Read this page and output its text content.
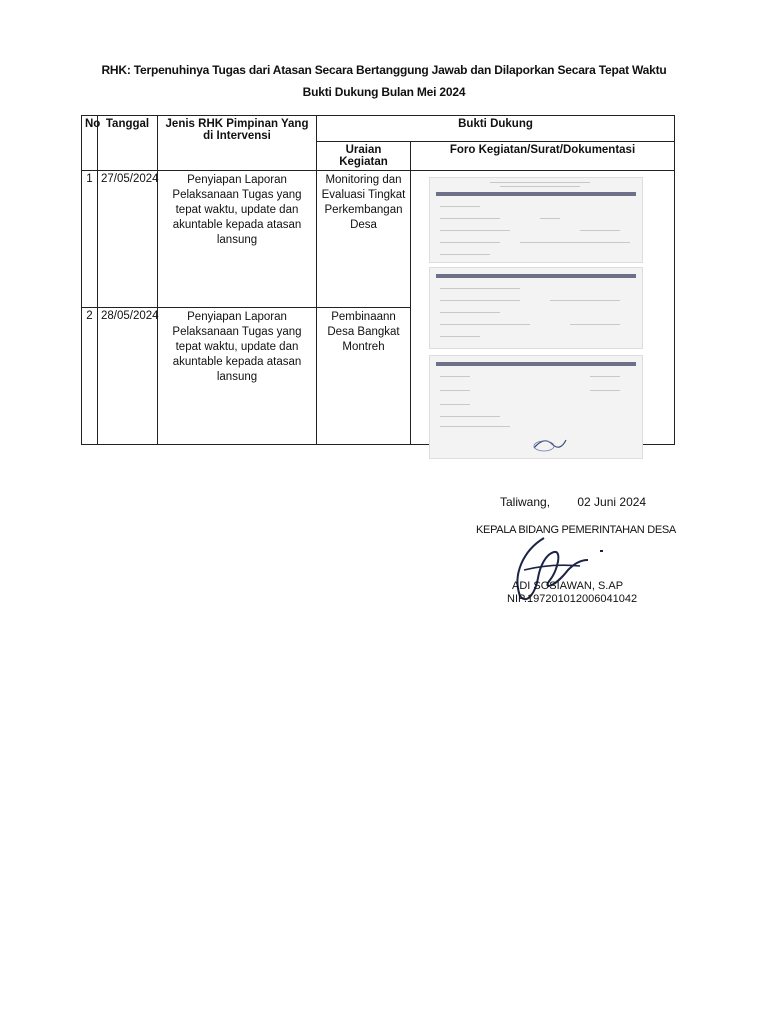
RHK: Terpenuhinya Tugas dari Atasan Secara Bertanggung Jawab dan Dilaporkan Secara Tepat Waktu
Bukti Dukung Bulan Mei 2024
No	Tanggal	Jenis RHK Pimpinan Yang di Intervensi	Bukti Dukung	
			Uraian Kegiatan	Foro Kegiatan/Surat/Dokumentasi
1	27/05/2024	Penyiapan Laporan Pelaksanaan Tugas yang tepat waktu, update dan akuntable kepada atasan lansung	Monitoring dan Evaluasi Tingkat Perkembangan Desa	

2	28/05/2024	Penyiapan Laporan Pelaksanaan Tugas yang tepat waktu, update dan akuntable kepada atasan lansung	Pembinaann Desa Bangkat Montreh	
Taliwang, 02 Juni 2024
KEPALA BIDANG PEMERINTAHAN DESA
ADI SOSIAWAN, S.AP
NIP.197201012006041042
